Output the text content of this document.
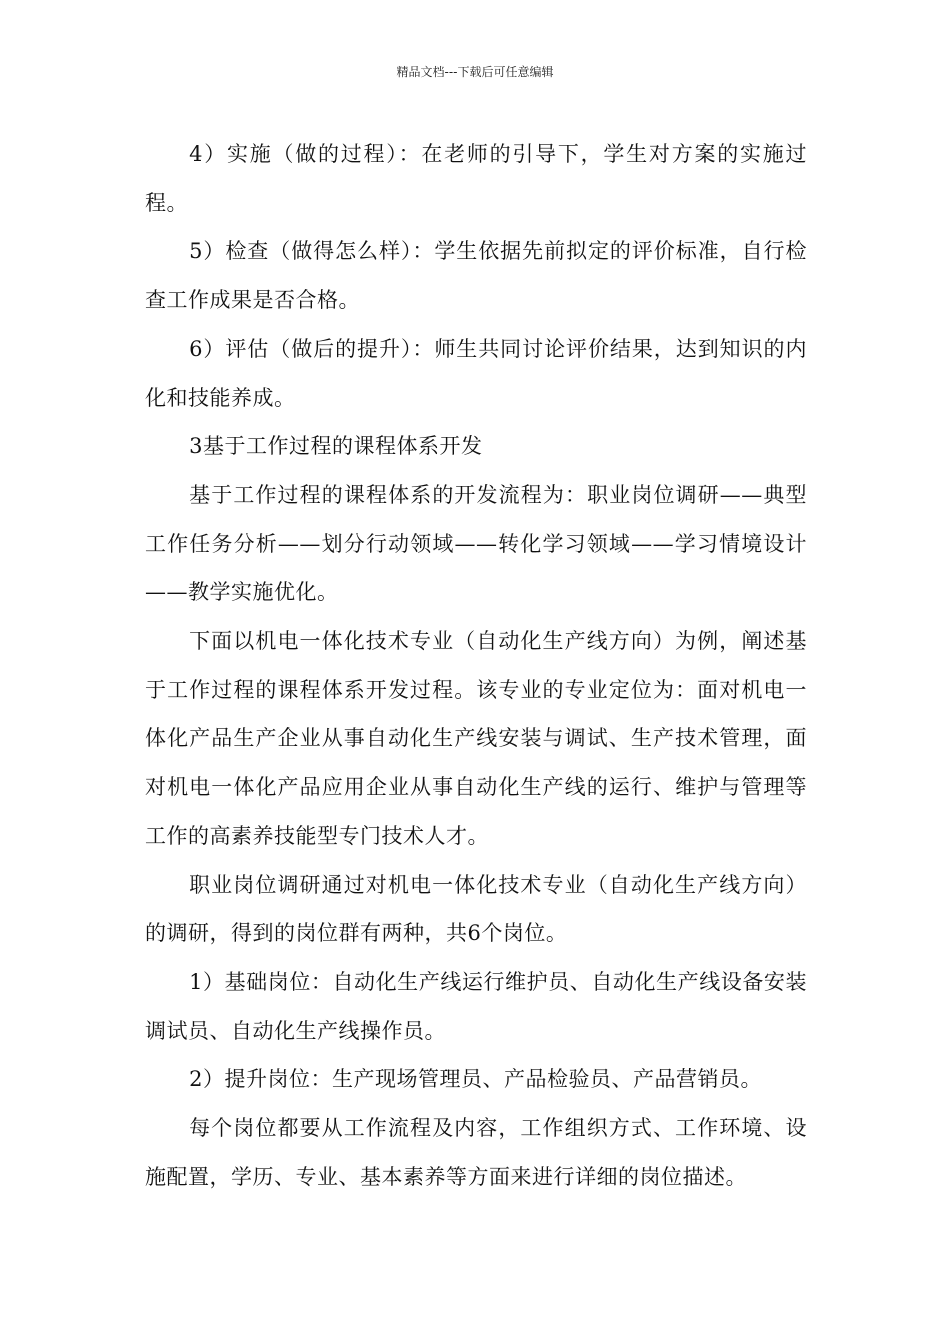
精品文档---下载后可任意编辑

4）实施（做的过程）：在老师的引导下，学生对方案的实施过程。

5）检查（做得怎么样）：学生依据先前拟定的评价标准，自行检查工作成果是否合格。

6）评估（做后的提升）：师生共同讨论评价结果，达到知识的内化和技能养成。

3基于工作过程的课程体系开发

基于工作过程的课程体系的开发流程为：职业岗位调研——典型工作任务分析——划分行动领域——转化学习领域——学习情境设计——教学实施优化。

下面以机电一体化技术专业（自动化生产线方向）为例，阐述基于工作过程的课程体系开发过程。该专业的专业定位为：面对机电一体化产品生产企业从事自动化生产线安装与调试、生产技术管理，面对机电一体化产品应用企业从事自动化生产线的运行、维护与管理等工作的高素养技能型专门技术人才。

职业岗位调研通过对机电一体化技术专业（自动化生产线方向）的调研，得到的岗位群有两种，共6个岗位。

1）基础岗位：自动化生产线运行维护员、自动化生产线设备安装调试员、自动化生产线操作员。

2）提升岗位：生产现场管理员、产品检验员、产品营销员。

每个岗位都要从工作流程及内容，工作组织方式、工作环境、设施配置，学历、专业、基本素养等方面来进行详细的岗位描述。
